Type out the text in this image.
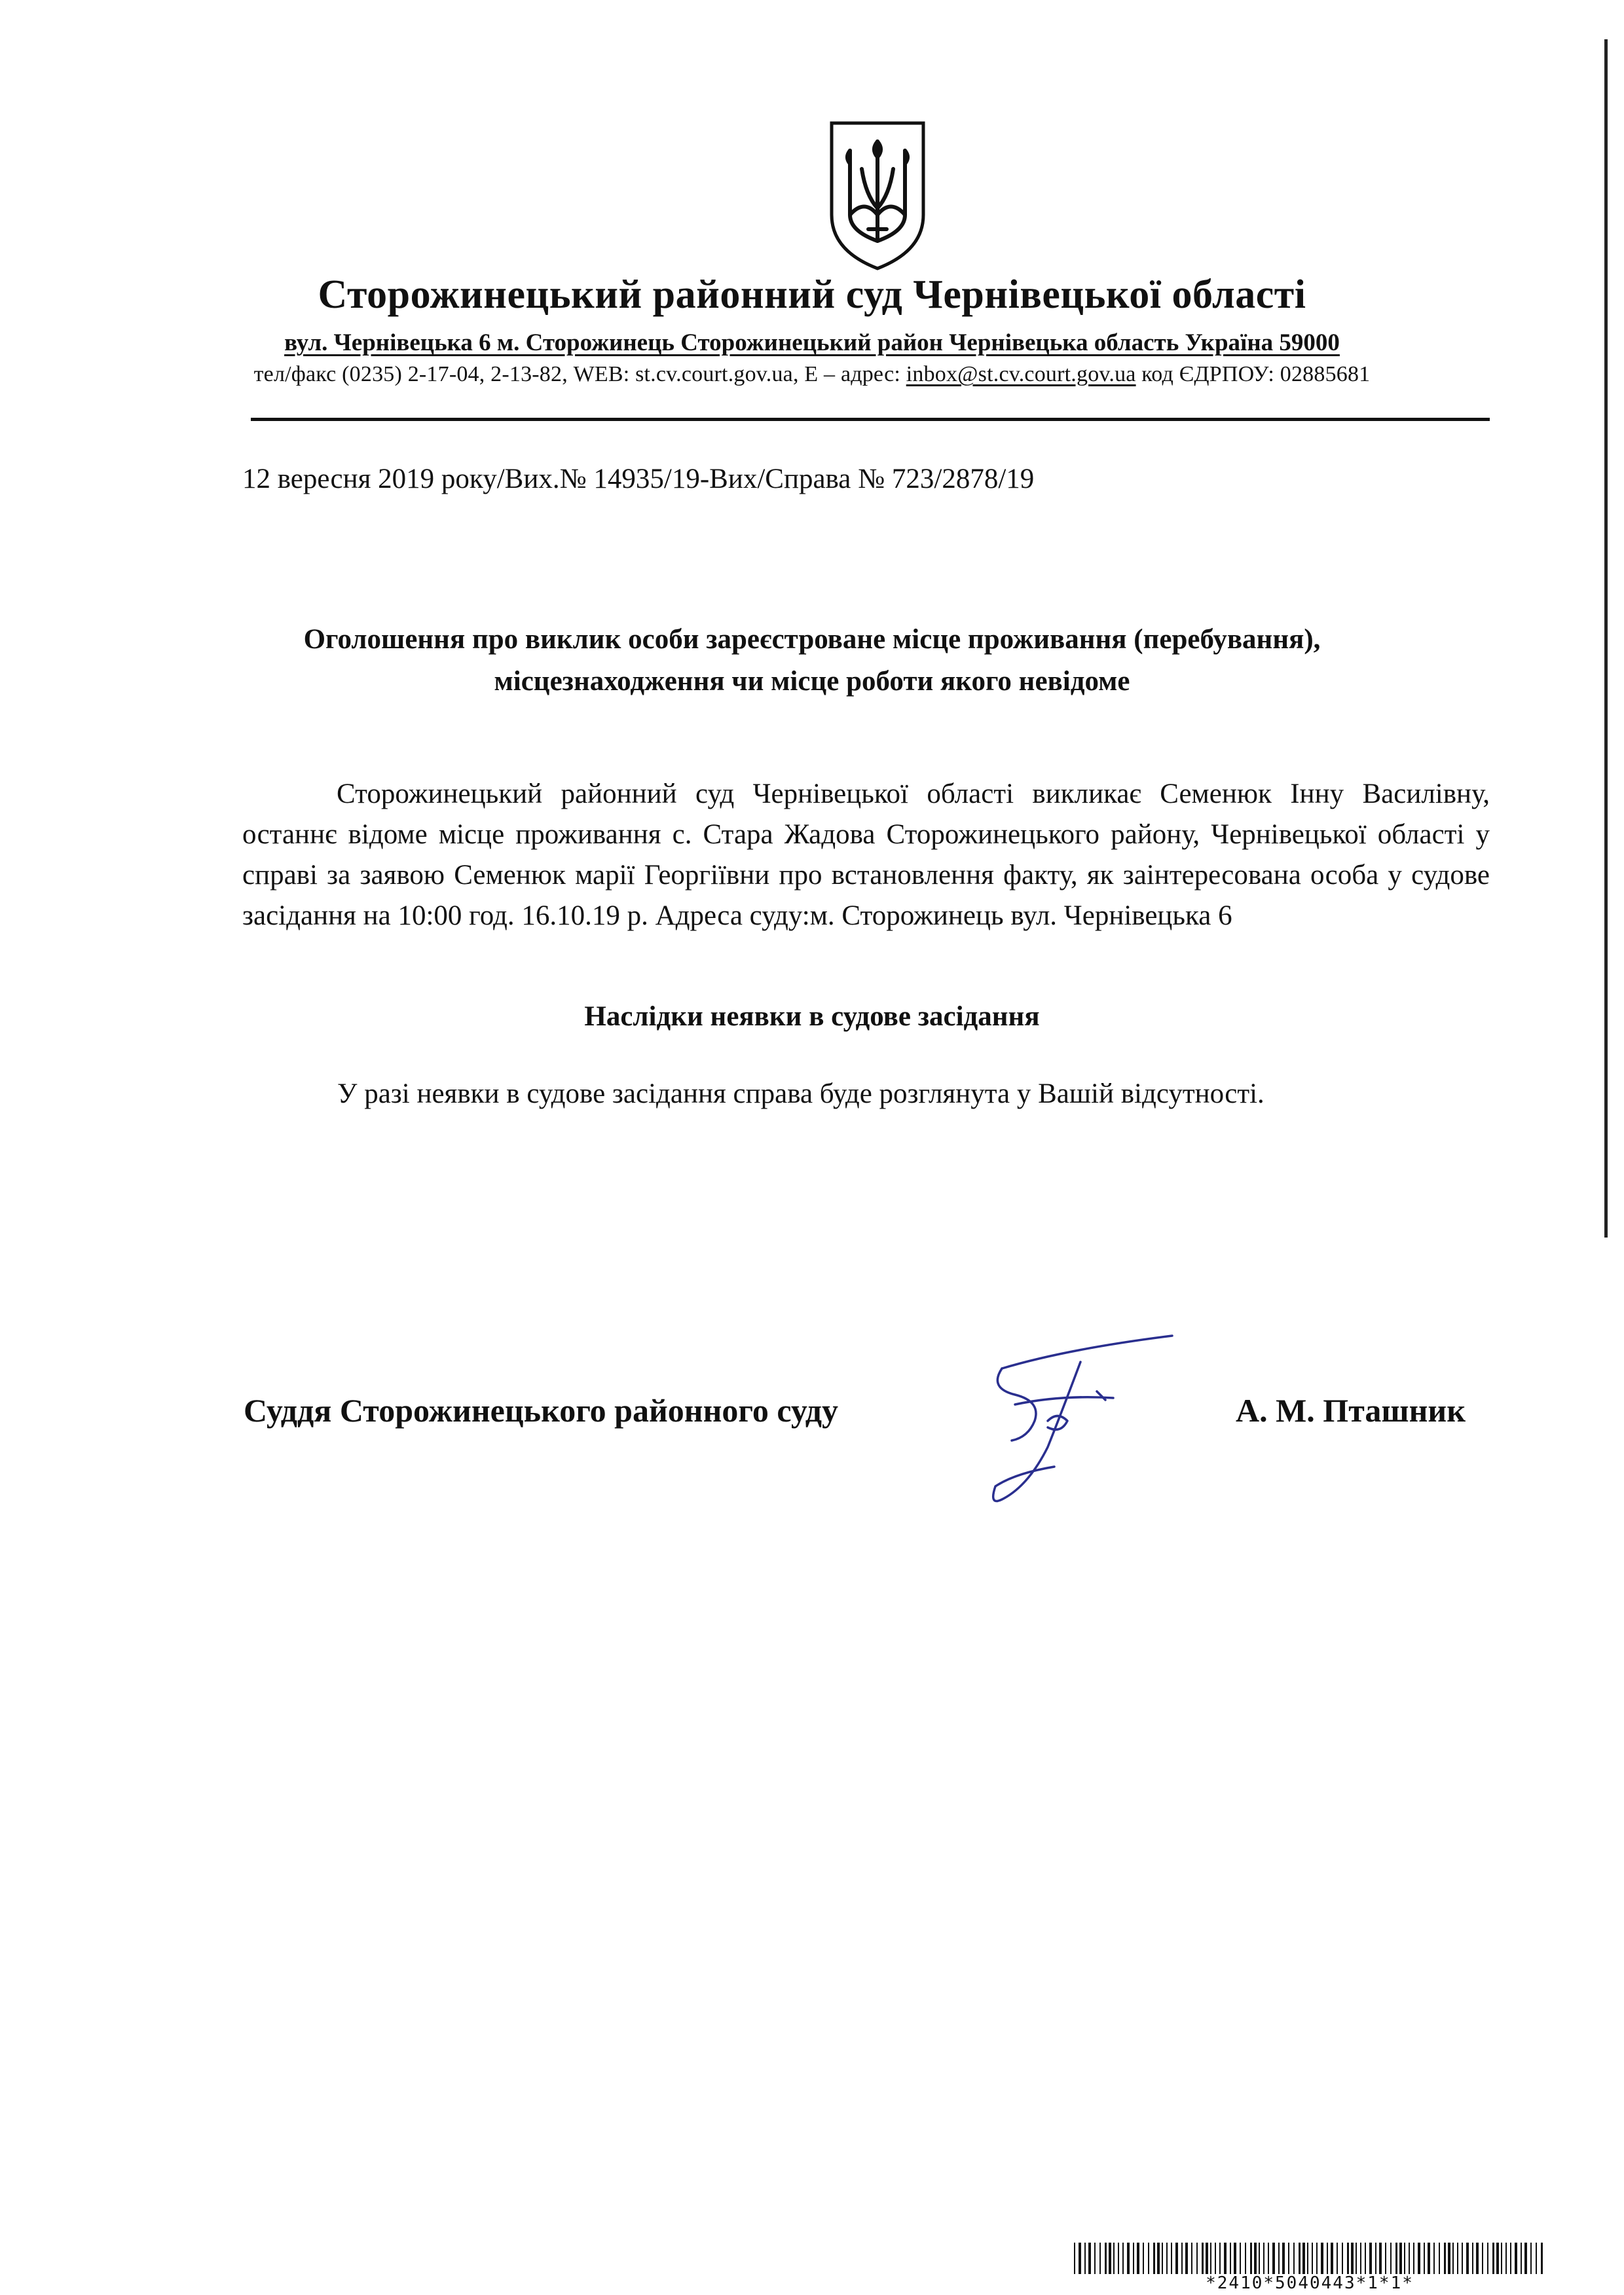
Сторожинецький районний суд Чернівецької області
вул. Чернівецька 6 м. Сторожинець Сторожинецький район Чернівецька область Україна 59000
тел/факс (0235) 2-17-04, 2-13-82, WEB: st.cv.court.gov.ua, E – адрес: inbox@st.cv.court.gov.ua код ЄДРПОУ: 02885681
12 вересня 2019 року/Вих.№ 14935/19-Вих/Справа № 723/2878/19
Оголошення про виклик особи зареєстроване місце проживання (перебування),
місцезнаходження чи місце роботи якого невідоме
Сторожинецький районний суд Чернівецької області викликає Семенюк Інну Василівну, останнє відоме місце проживання с. Стара Жадова Сторожинецького району, Чернівецької області у справі за заявою Семенюк марії Георгіївни про встановлення факту, як заінтересована особа у судове засідання на 10:00 год. 16.10.19 р. Адреса суду:м. Сторожинець вул. Чернівецька 6
Наслідки неявки в судове засідання
У разі неявки в судове засідання справа буде розглянута у Вашій відсутності.
Суддя Сторожинецького районного суду	А. М. Пташник
*2410*5040443*1*1*
